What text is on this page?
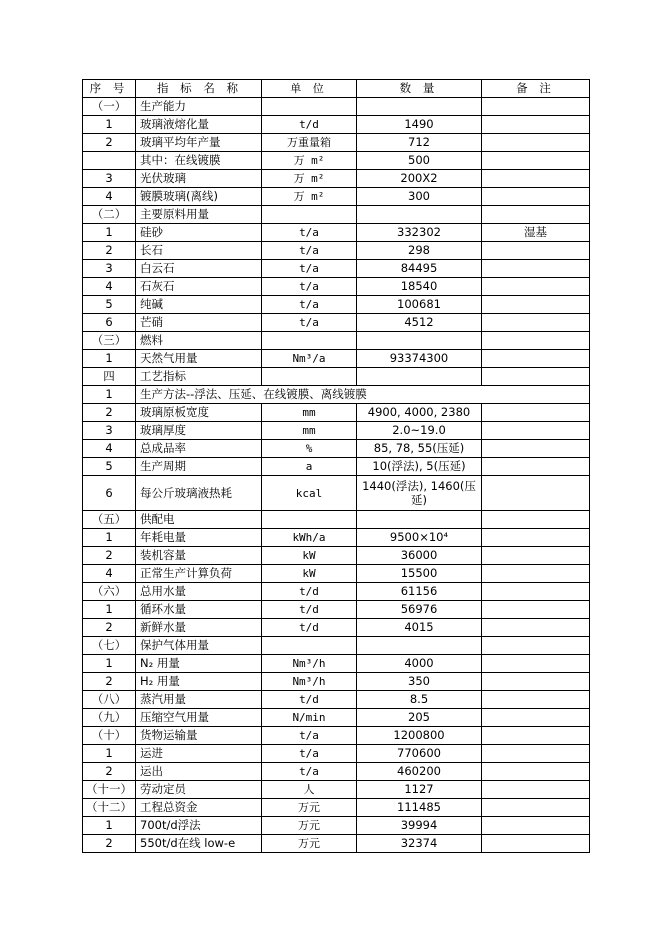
序 号	指 标 名 称	单 位	数 量	备 注
（一）	生产能力			
1	玻璃液熔化量	t/d	1490	
2	玻璃平均年产量	万重量箱	712	
	其中：在线镀膜	万 m²	500	
3	光伏玻璃	万 m²	200X2	
4	镀膜玻璃(离线)	万 m²	300	
（二）	主要原料用量			
1	硅砂	t/a	332302	湿基
2	长石	t/a	298	
3	白云石	t/a	84495	
4	石灰石	t/a	18540	
5	纯碱	t/a	100681	
6	芒硝	t/a	4512	
（三）	燃料			
1	天然气用量	Nm³/a	93374300	
四	工艺指标			
1	生产方法--浮法、压延、在线镀膜、离线镀膜			
2	玻璃原板宽度	mm	4900, 4000, 2380	
3	玻璃厚度	mm	2.0~19.0	
4	总成品率	%	85, 78, 55(压延)	
5	生产周期	a	10(浮法), 5(压延)	
6	每公斤玻璃液热耗	kcal	1440(浮法), 1460(压延)	
（五）	供配电			
1	年耗电量	kWh/a	9500×10⁴	
2	装机容量	kW	36000	
4	正常生产计算负荷	kW	15500	
（六）	总用水量	t/d	61156	
1	循环水量	t/d	56976	
2	新鲜水量	t/d	4015	
（七）	保护气体用量			
1	N₂ 用量	Nm³/h	4000	
2	H₂ 用量	Nm³/h	350	
（八）	蒸汽用量	t/d	8.5	
（九）	压缩空气用量	N/min	205	
（十）	货物运输量	t/a	1200800	
1	运进	t/a	770600	
2	运出	t/a	460200	
（十一）	劳动定员	人	1127	
（十二）	工程总资金	万元	111485	
1	700t/d浮法	万元	39994	
2	550t/d在线 low-e	万元	32374	
